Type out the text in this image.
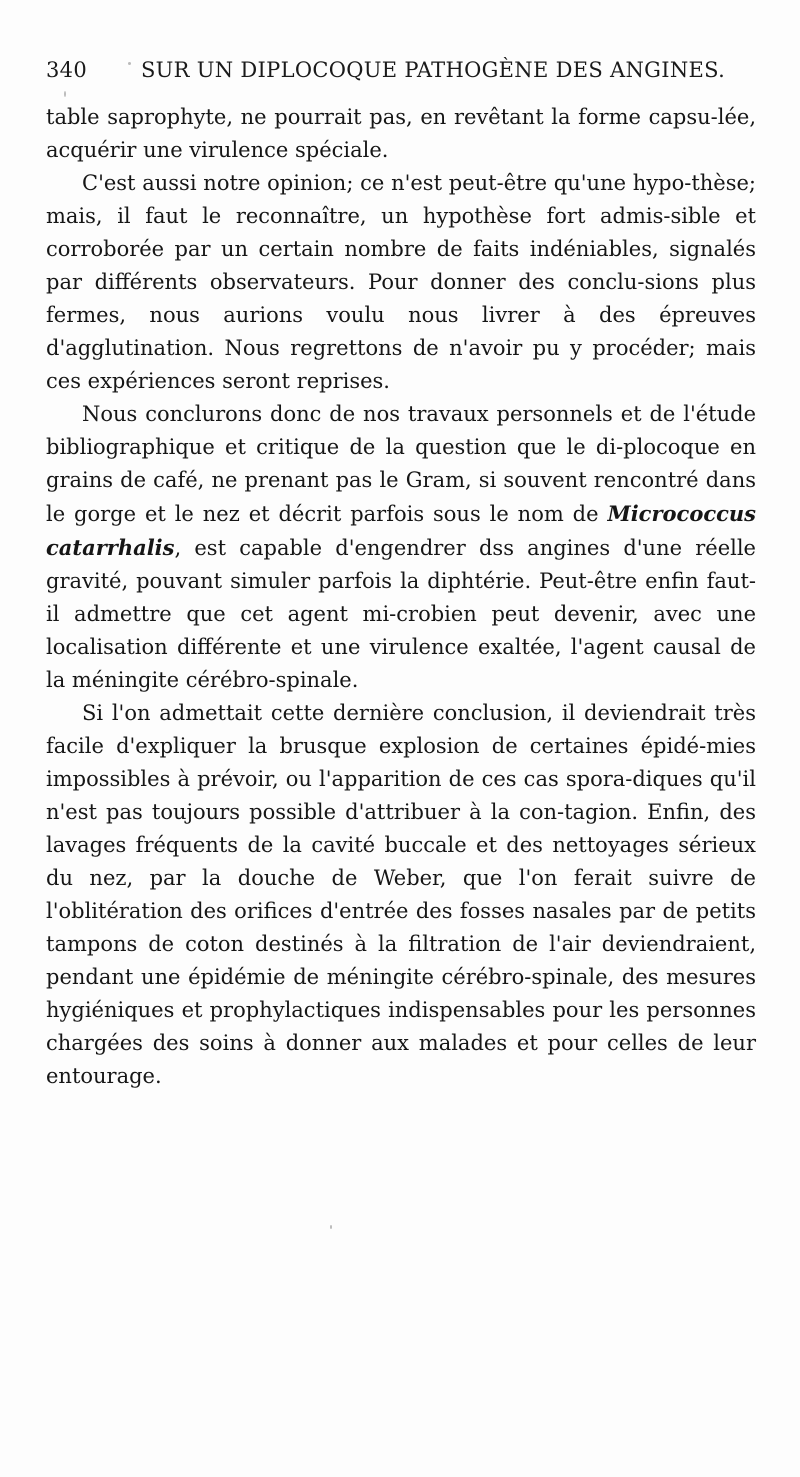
340	SUR UN DIPLOCOQUE PATHOGÈNE DES ANGINES.

table saprophyte, ne pourrait pas, en revêtant la forme capsu-lée, acquérir une virulence spéciale.

C'est aussi notre opinion; ce n'est peut-être qu'une hypo-thèse; mais, il faut le reconnaître, un hypothèse fort admis-sible et corroborée par un certain nombre de faits indéniables, signalés par différents observateurs. Pour donner des conclu-sions plus fermes, nous aurions voulu nous livrer à des épreuves d'agglutination. Nous regrettons de n'avoir pu y procéder; mais ces expériences seront reprises.

Nous conclurons donc de nos travaux personnels et de l'étude bibliographique et critique de la question que le di-plocoque en grains de café, ne prenant pas le Gram, si souvent rencontré dans le gorge et le nez et décrit parfois sous le nom de Micrococcus catarrhalis, est capable d'engendrer dss angines d'une réelle gravité, pouvant simuler parfois la diphtérie. Peut-être enfin faut-il admettre que cet agent mi-crobien peut devenir, avec une localisation différente et une virulence exaltée, l'agent causal de la méningite cérébro-spinale.

Si l'on admettait cette dernière conclusion, il deviendrait très facile d'expliquer la brusque explosion de certaines épidé-mies impossibles à prévoir, ou l'apparition de ces cas spora-diques qu'il n'est pas toujours possible d'attribuer à la con-tagion. Enfin, des lavages fréquents de la cavité buccale et des nettoyages sérieux du nez, par la douche de Weber, que l'on ferait suivre de l'oblitération des orifices d'entrée des fosses nasales par de petits tampons de coton destinés à la filtration de l'air deviendraient, pendant une épidémie de méningite cérébro-spinale, des mesures hygiéniques et prophylactiques indispensables pour les personnes chargées des soins à donner aux malades et pour celles de leur entourage.
